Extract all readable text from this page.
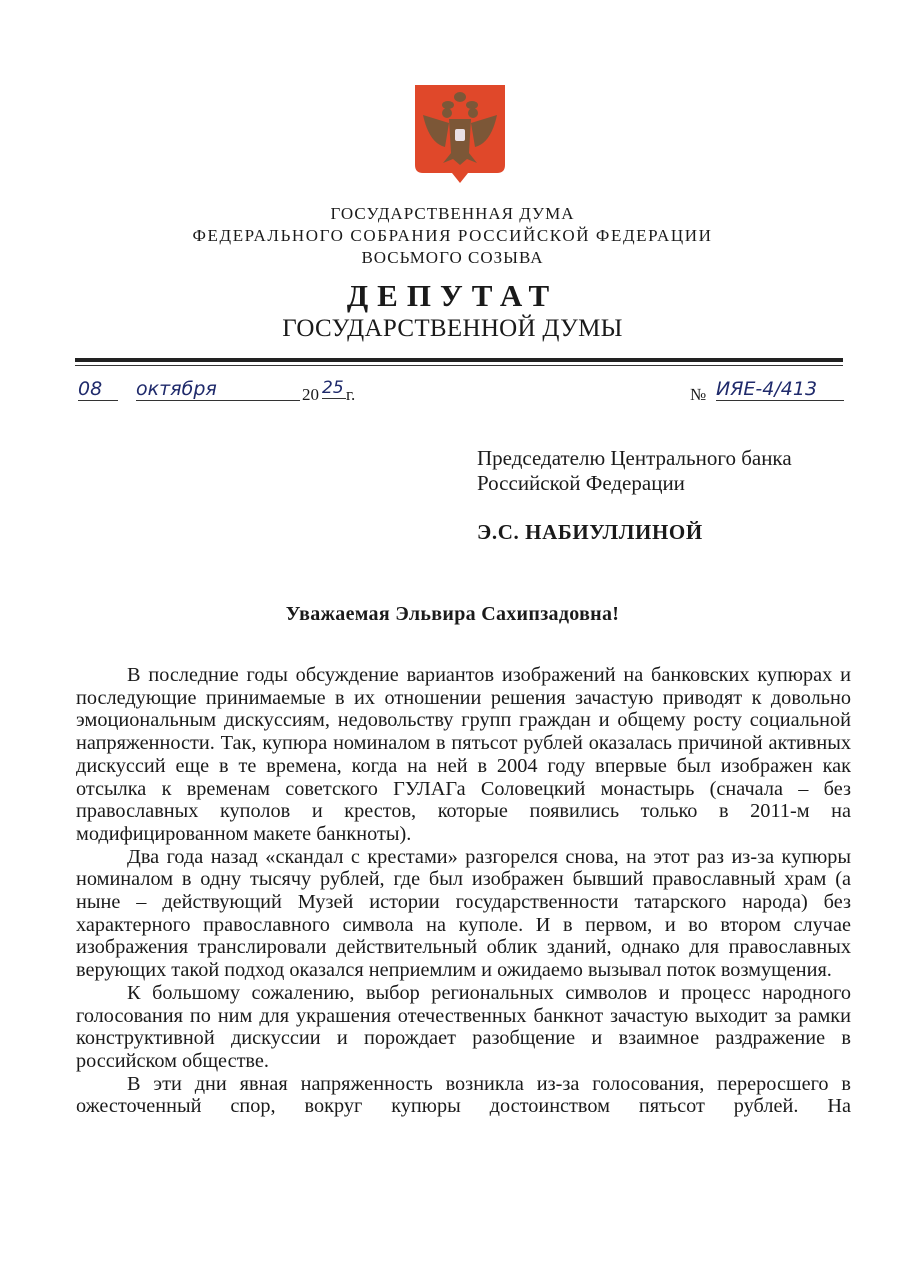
ГОСУДАРСТВЕННАЯ ДУМА
ФЕДЕРАЛЬНОГО СОБРАНИЯ РОССИЙСКОЙ ФЕДЕРАЦИИ
ВОСЬМОГО СОЗЫВА
ДЕПУТАТ
ГОСУДАРСТВЕННОЙ ДУМЫ
08	октября	20 25 г.	№ ИЯЕ-4/413
Председателю Центрального банка
Российской Федерации
Э.С. НАБИУЛЛИНОЙ
Уважаемая Эльвира Сахипзадовна!

В последние годы обсуждение вариантов изображений на банковских купюрах и последующие принимаемые в их отношении решения зачастую приводят к довольно эмоциональным дискуссиям, недовольству групп граждан и общему росту социальной напряженности. Так, купюра номиналом в пятьсот рублей оказалась причиной активных дискуссий еще в те времена, когда на ней в 2004 году впервые был изображен как отсылка к временам советского ГУЛАГа Соловецкий монастырь (сначала – без православных куполов и крестов, которые появились только в 2011-м на модифицированном макете банкноты).

Два года назад «скандал с крестами» разгорелся снова, на этот раз из-за купюры номиналом в одну тысячу рублей, где был изображен бывший православный храм (а ныне – действующий Музей истории государственности татарского народа) без характерного православного символа на куполе. И в первом, и во втором случае изображения транслировали действительный облик зданий, однако для православных верующих такой подход оказался неприемлим и ожидаемо вызывал поток возмущения.

К большому сожалению, выбор региональных символов и процесс народного голосования по ним для украшения отечественных банкнот зачастую выходит за рамки конструктивной дискуссии и порождает разобщение и взаимное раздражение в российском обществе.

В эти дни явная напряженность возникла из-за голосования, переросшего в ожесточенный спор, вокруг купюры достоинством пятьсот рублей. На
